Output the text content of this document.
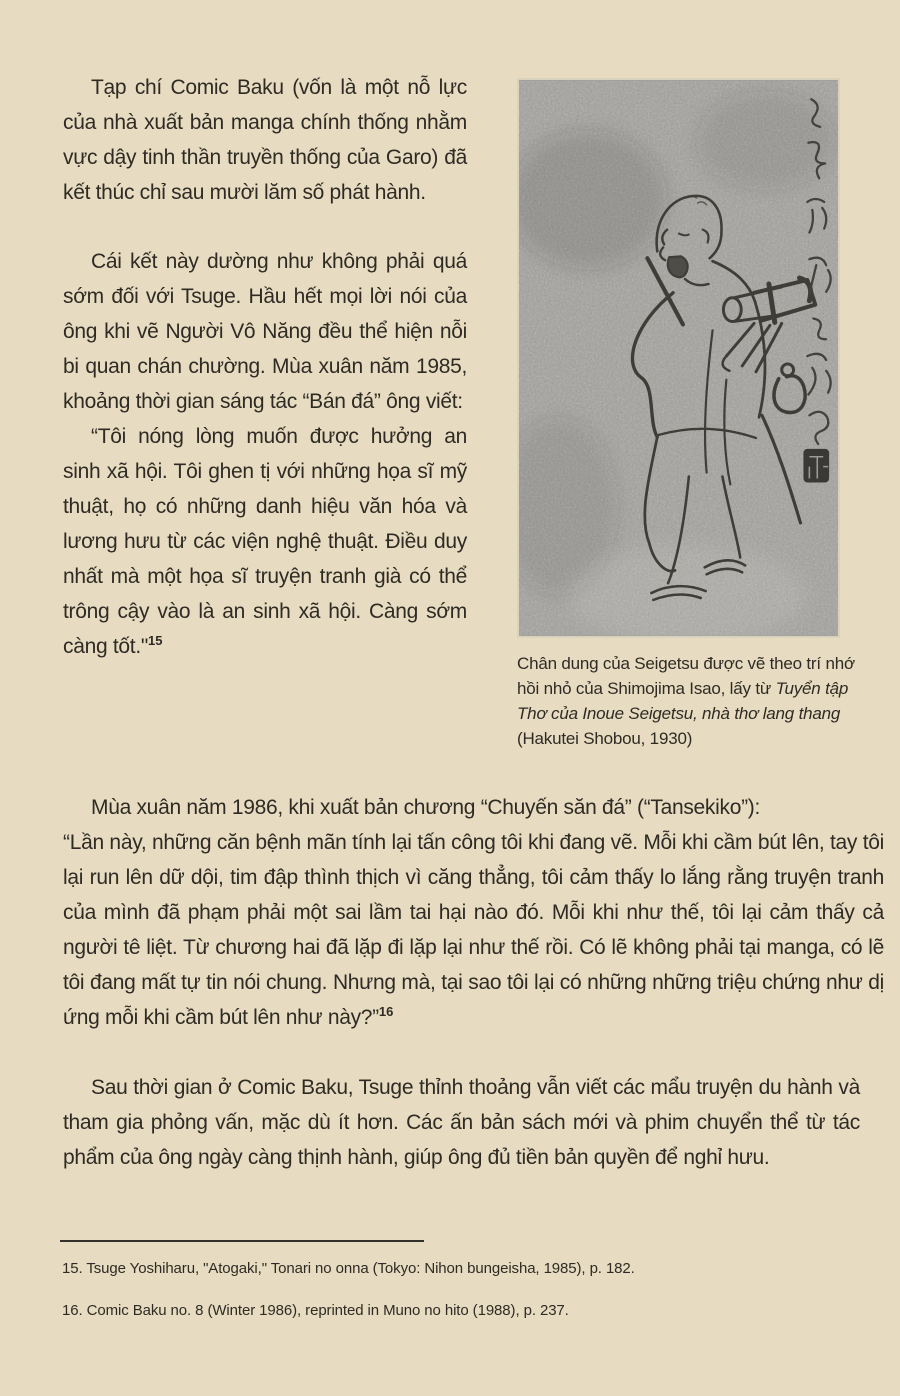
Tạp chí Comic Baku (vốn là một nỗ lực của nhà xuất bản manga chính thống nhằm vực dậy tinh thần truyền thống của Garo) đã kết thúc chỉ sau mười lăm số phát hành.

Cái kết này dường như không phải quá sớm đối với Tsuge. Hầu hết mọi lời nói của ông khi vẽ Người Vô Năng đều thể hiện nỗi bi quan chán chường. Mùa xuân năm 1985, khoảng thời gian sáng tác “Bán đá” ông viết:

“Tôi nóng lòng muốn được hưởng an sinh xã hội. Tôi ghen tị với những họa sĩ mỹ thuật, họ có những danh hiệu văn hóa và lương hưu từ các viện nghệ thuật. Điều duy nhất mà một họa sĩ truyện tranh già có thể trông cậy vào là an sinh xã hội. Càng sớm càng tốt."$^{15}$

Chân dung của Seigetsu được vẽ theo trí nhớ hồi nhỏ của Shimojima Isao, lấy từ Tuyển tập Thơ của Inoue Seigetsu, nhà thơ lang thang (Hakutei Shobou, 1930)

Mùa xuân năm 1986, khi xuất bản chương “Chuyến săn đá” (“Tansekiko”):
“Lần này, những căn bệnh mãn tính lại tấn công tôi khi đang vẽ. Mỗi khi cầm bút lên, tay tôi lại run lên dữ dội, tim đập thình thịch vì căng thẳng, tôi cảm thấy lo lắng rằng truyện tranh của mình đã phạm phải một sai lầm tai hại nào đó. Mỗi khi như thế, tôi lại cảm thấy cả người tê liệt. Từ chương hai đã lặp đi lặp lại như thế rồi. Có lẽ không phải tại manga, có lẽ tôi đang mất tự tin nói chung. Nhưng mà, tại sao tôi lại có những những triệu chứng như dị ứng mỗi khi cầm bút lên như này?”$^{16}$

Sau thời gian ở Comic Baku, Tsuge thỉnh thoảng vẫn viết các mẩu truyện du hành và tham gia phỏng vấn, mặc dù ít hơn. Các ấn bản sách mới và phim chuyển thể từ tác phẩm của ông ngày càng thịnh hành, giúp ông đủ tiền bản quyền để nghỉ hưu.

15. Tsuge Yoshiharu, "Atogaki," Tonari no onna (Tokyo: Nihon bungeisha, 1985), p. 182.

16. Comic Baku no. 8 (Winter 1986), reprinted in Muno no hito (1988), p. 237.
